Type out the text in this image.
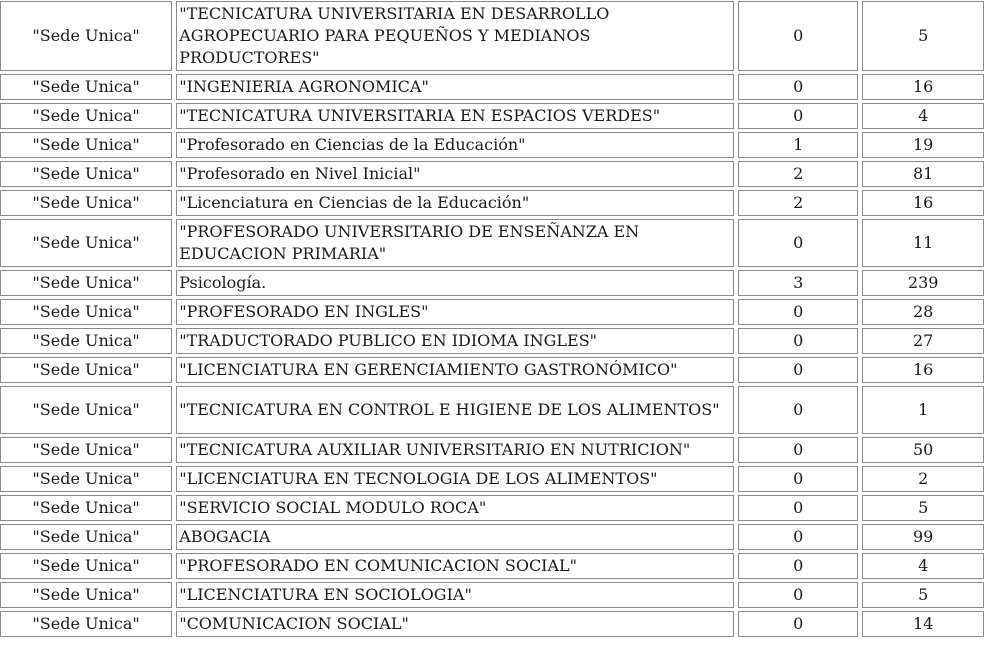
"Sede Unica"	"TECNICATURA UNIVERSITARIA EN DESARROLLO AGROPECUARIO PARA PEQUEÑOS Y MEDIANOS PRODUCTORES"	0	5
"Sede Unica"	"INGENIERIA AGRONOMICA"	0	16
"Sede Unica"	"TECNICATURA UNIVERSITARIA EN ESPACIOS VERDES"	0	4
"Sede Unica"	"Profesorado en Ciencias de la Educación"	1	19
"Sede Unica"	"Profesorado en Nivel Inicial"	2	81
"Sede Unica"	"Licenciatura en Ciencias de la Educación"	2	16
"Sede Unica"	"PROFESORADO UNIVERSITARIO DE ENSEÑANZA EN EDUCACION PRIMARIA"	0	11
"Sede Unica"	Psicología.	3	239
"Sede Unica"	"PROFESORADO EN INGLES"	0	28
"Sede Unica"	"TRADUCTORADO PUBLICO EN IDIOMA INGLES"	0	27
"Sede Unica"	"LICENCIATURA EN GERENCIAMIENTO GASTRONÓMICO"	0	16
"Sede Unica"	"TECNICATURA EN CONTROL E HIGIENE DE LOS ALIMENTOS"	0	1
"Sede Unica"	"TECNICATURA AUXILIAR UNIVERSITARIO EN NUTRICION"	0	50
"Sede Unica"	"LICENCIATURA EN TECNOLOGIA DE LOS ALIMENTOS"	0	2
"Sede Unica"	"SERVICIO SOCIAL MODULO ROCA"	0	5
"Sede Unica"	ABOGACIA	0	99
"Sede Unica"	"PROFESORADO EN COMUNICACION SOCIAL"	0	4
"Sede Unica"	"LICENCIATURA EN SOCIOLOGIA"	0	5
"Sede Unica"	"COMUNICACION SOCIAL"	0	14
